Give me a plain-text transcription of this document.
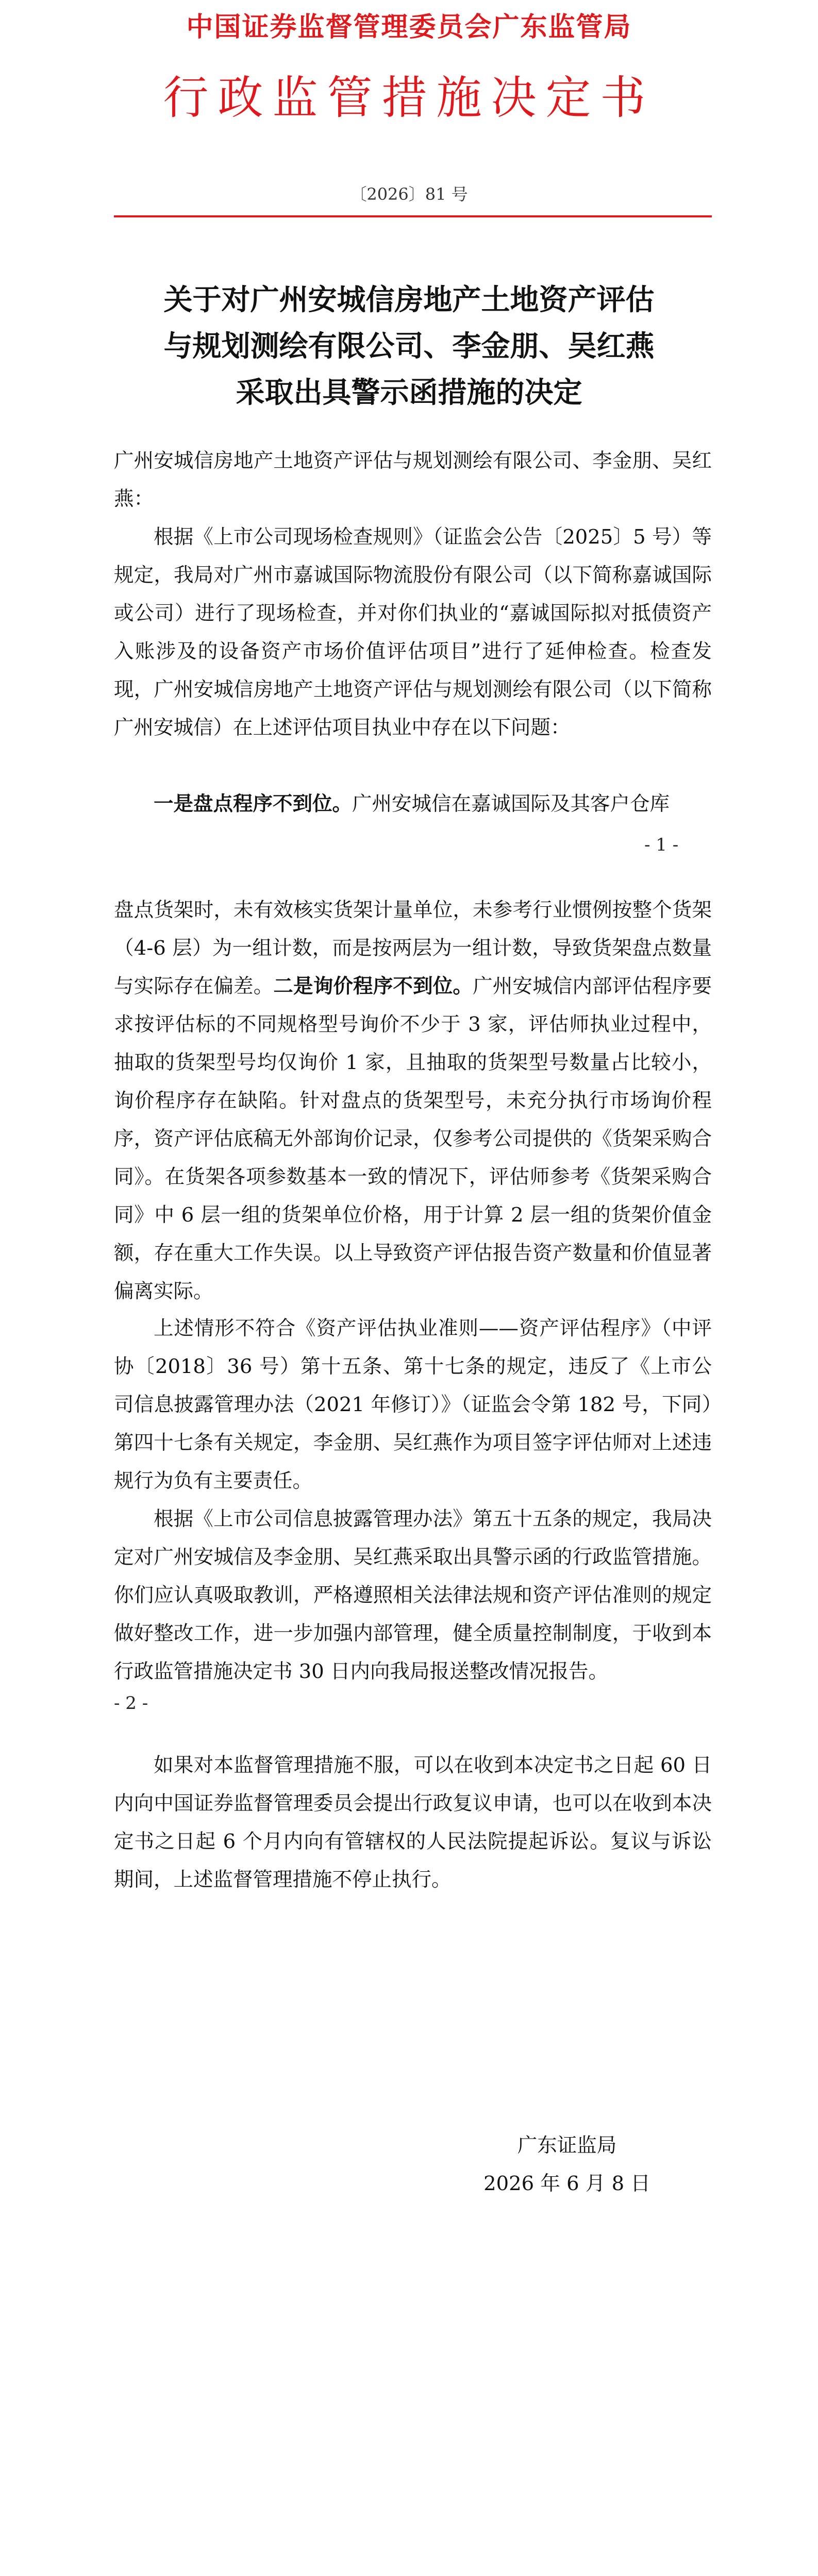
中国证券监督管理委员会广东监管局
行政监管措施决定书
〔2026〕81 号
关于对广州安城信房地产土地资产评估
与规划测绘有限公司、李金朋、吴红燕
采取出具警示函措施的决定
广州安城信房地产土地资产评估与规划测绘有限公司、李金朋、吴红燕：
根据《上市公司现场检查规则》（证监会公告〔2025〕5 号）等规定，我局对广州市嘉诚国际物流股份有限公司（以下简称嘉诚国际或公司）进行了现场检查，并对你们执业的“嘉诚国际拟对抵债资产入账涉及的设备资产市场价值评估项目”进行了延伸检查。检查发现，广州安城信房地产土地资产评估与规划测绘有限公司（以下简称广州安城信）在上述评估项目执业中存在以下问题：
一是盘点程序不到位。广州安城信在嘉诚国际及其客户仓库
- 1 -
盘点货架时，未有效核实货架计量单位，未参考行业惯例按整个货架（4-6 层）为一组计数，而是按两层为一组计数，导致货架盘点数量与实际存在偏差。二是询价程序不到位。广州安城信内部评估程序要求按评估标的不同规格型号询价不少于 3 家，评估师执业过程中，抽取的货架型号均仅询价 1 家，且抽取的货架型号数量占比较小，询价程序存在缺陷。针对盘点的货架型号，未充分执行市场询价程序，资产评估底稿无外部询价记录，仅参考公司提供的《货架采购合同》。在货架各项参数基本一致的情况下，评估师参考《货架采购合同》中 6 层一组的货架单位价格，用于计算 2 层一组的货架价值金额，存在重大工作失误。以上导致资产评估报告资产数量和价值显著偏离实际。
上述情形不符合《资产评估执业准则——资产评估程序》（中评协〔2018〕36 号）第十五条、第十七条的规定，违反了《上市公司信息披露管理办法（2021 年修订）》（证监会令第 182 号，下同）第四十七条有关规定，李金朋、吴红燕作为项目签字评估师对上述违规行为负有主要责任。
根据《上市公司信息披露管理办法》第五十五条的规定，我局决定对广州安城信及李金朋、吴红燕采取出具警示函的行政监管措施。你们应认真吸取教训，严格遵照相关法律法规和资产评估准则的规定做好整改工作，进一步加强内部管理，健全质量控制制度，于收到本行政监管措施决定书 30 日内向我局报送整改情况报告。
- 2 -
如果对本监督管理措施不服，可以在收到本决定书之日起 60 日内向中国证券监督管理委员会提出行政复议申请，也可以在收到本决定书之日起 6 个月内向有管辖权的人民法院提起诉讼。复议与诉讼期间，上述监督管理措施不停止执行。
广东证监局
2026 年 6 月 8 日
